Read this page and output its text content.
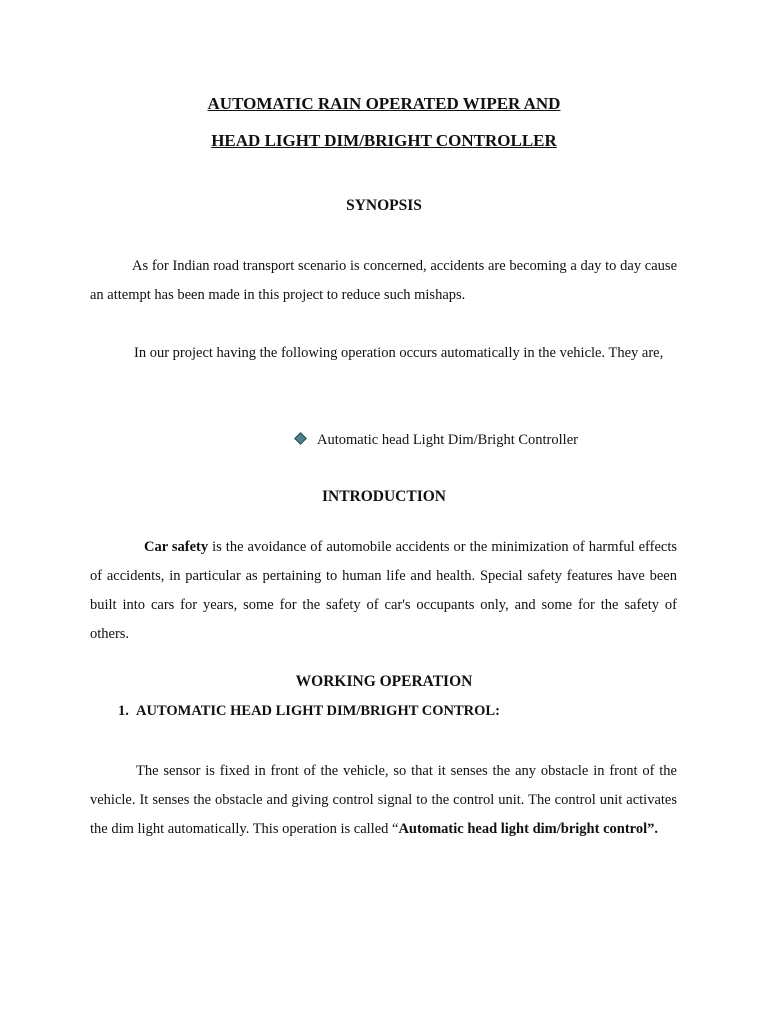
AUTOMATIC RAIN OPERATED WIPER AND
HEAD LIGHT DIM/BRIGHT CONTROLLER
SYNOPSIS

As for Indian road transport scenario is concerned, accidents are becoming a day to day cause an attempt has been made in this project to reduce such mishaps.

In our project having the following operation occurs automatically in the vehicle. They are,

Automatic head Light Dim/Bright Controller
INTRODUCTION

Car safety is the avoidance of automobile accidents or the minimization of harmful effects of accidents, in particular as pertaining to human life and health. Special safety features have been built into cars for years, some for the safety of car's occupants only, and some for the safety of others.

WORKING OPERATION
1. AUTOMATIC HEAD LIGHT DIM/BRIGHT CONTROL:

The sensor is fixed in front of the vehicle, so that it senses the any obstacle in front of the vehicle. It senses the obstacle and giving control signal to the control unit. The control unit activates the dim light automatically. This operation is called “Automatic head light dim/bright control”.
